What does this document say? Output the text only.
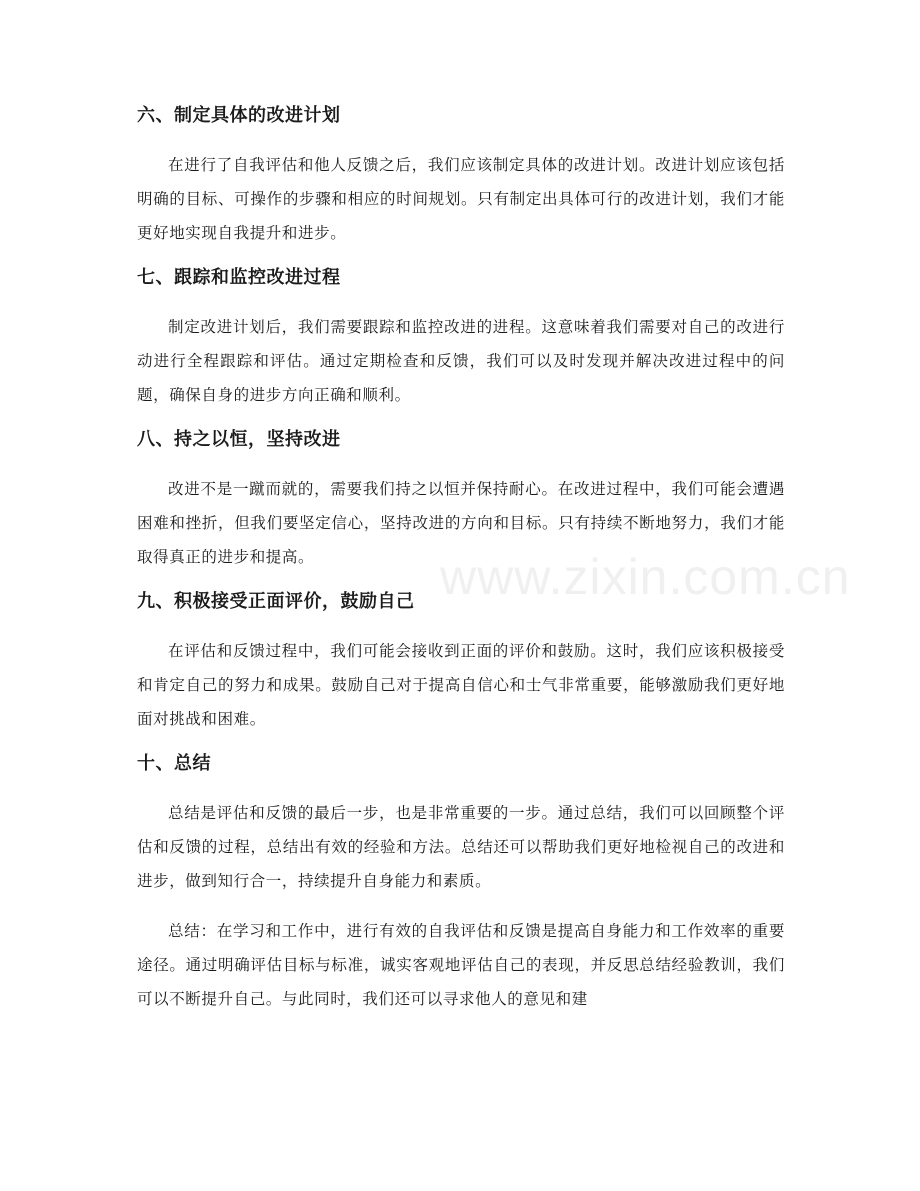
www.zixin.com.cn
六、制定具体的改进计划

在进行了自我评估和他人反馈之后，我们应该制定具体的改进计划。改进计划应该包括明确的目标、可操作的步骤和相应的时间规划。只有制定出具体可行的改进计划，我们才能更好地实现自我提升和进步。

七、跟踪和监控改进过程

制定改进计划后，我们需要跟踪和监控改进的进程。这意味着我们需要对自己的改进行动进行全程跟踪和评估。通过定期检查和反馈，我们可以及时发现并解决改进过程中的问题，确保自身的进步方向正确和顺利。

八、持之以恒，坚持改进

改进不是一蹴而就的，需要我们持之以恒并保持耐心。在改进过程中，我们可能会遭遇困难和挫折，但我们要坚定信心，坚持改进的方向和目标。只有持续不断地努力，我们才能取得真正的进步和提高。

九、积极接受正面评价，鼓励自己

在评估和反馈过程中，我们可能会接收到正面的评价和鼓励。这时，我们应该积极接受和肯定自己的努力和成果。鼓励自己对于提高自信心和士气非常重要，能够激励我们更好地面对挑战和困难。

十、总结

总结是评估和反馈的最后一步，也是非常重要的一步。通过总结，我们可以回顾整个评估和反馈的过程，总结出有效的经验和方法。总结还可以帮助我们更好地检视自己的改进和进步，做到知行合一，持续提升自身能力和素质。

总结：在学习和工作中，进行有效的自我评估和反馈是提高自身能力和工作效率的重要途径。通过明确评估目标与标准，诚实客观地评估自己的表现，并反思总结经验教训，我们可以不断提升自己。与此同时，我们还可以寻求他人的意见和建
